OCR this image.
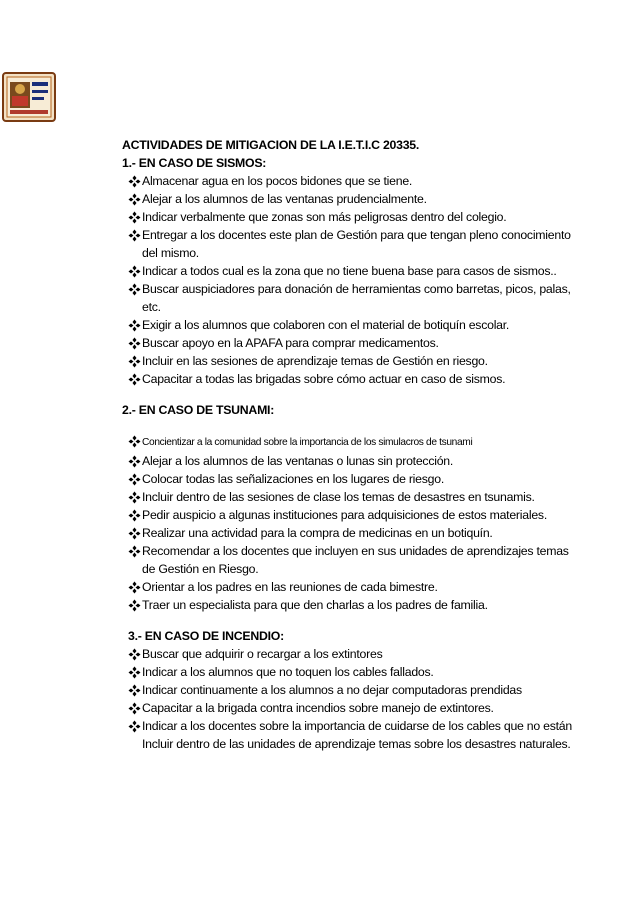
ACTIVIDADES DE MITIGACION DE LA I.E.T.I.C 20335.
1.- EN CASO DE SISMOS:
Almacenar agua en los pocos bidones que se tiene.
Alejar a los alumnos de las ventanas prudencialmente.
Indicar verbalmente que zonas son más peligrosas dentro del colegio.
Entregar a los docentes este plan de Gestión para que tengan pleno conocimiento del mismo.
Indicar a todos cual es la zona que no tiene buena base para casos de sismos..
Buscar auspiciadores para donación de herramientas como barretas, picos, palas, etc.
Exigir a los alumnos que colaboren con el material de botiquín escolar.
Buscar apoyo en la APAFA para comprar medicamentos.
Incluir en las sesiones de aprendizaje temas de Gestión en riesgo.
Capacitar a todas las brigadas sobre cómo actuar en caso de sismos.
2.- EN CASO DE TSUNAMI:
Concientizar a la comunidad sobre la importancia de los simulacros de tsunami
Alejar a los alumnos de las ventanas o lunas sin protección.
Colocar todas las señalizaciones en los lugares de riesgo.
Incluir dentro de las sesiones de clase los temas de desastres en tsunamis.
Pedir auspicio a algunas instituciones para adquisiciones de estos materiales.
Realizar una actividad para la compra de medicinas en un botiquín.
Recomendar a los docentes que incluyen en sus unidades de aprendizajes temas de Gestión en Riesgo.
Orientar a los padres en las reuniones de cada bimestre.
Traer un especialista para que den charlas a los padres de familia.
3.- EN CASO DE INCENDIO:
Buscar que adquirir o recargar a los extintores
Indicar a los alumnos que no toquen los cables fallados.
Indicar continuamente a los alumnos a no dejar computadoras prendidas
Capacitar a la brigada contra incendios sobre manejo de extintores.
Indicar a los docentes sobre la importancia de cuidarse de los cables que no están Incluir dentro de las unidades de aprendizaje temas sobre los desastres naturales.
